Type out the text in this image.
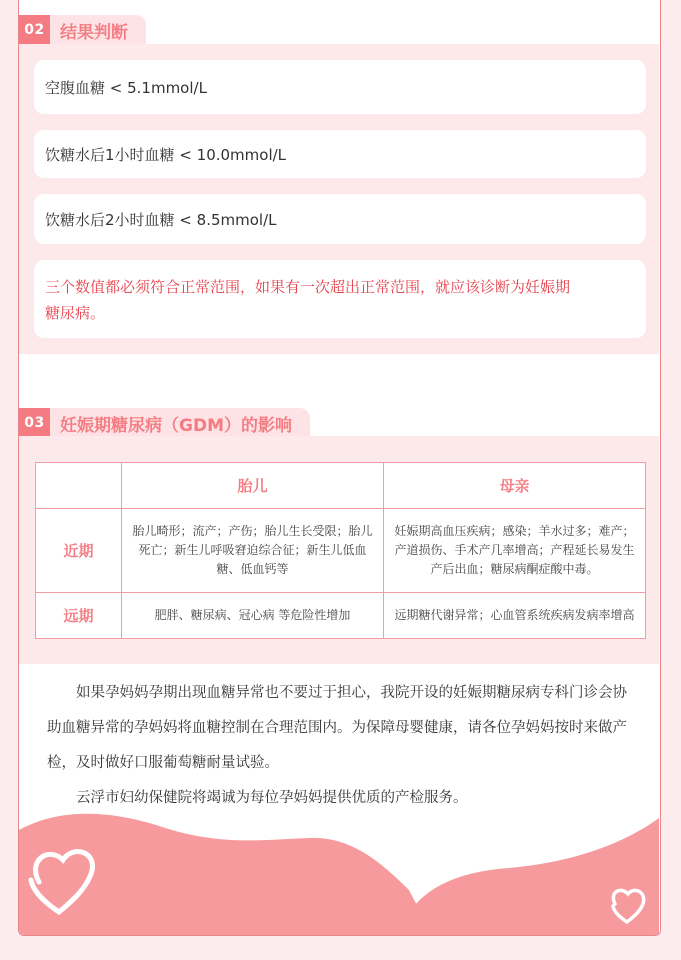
02 结果判断
空腹血糖 < 5.1mmol/L
饮糖水后1小时血糖 < 10.0mmol/L
饮糖水后2小时血糖 < 8.5mmol/L
三个数值都必须符合正常范围，如果有一次超出正常范围，就应该诊断为妊娠期
糖尿病。
03 妊娠期糖尿病（GDM）的影响
	胎儿	母亲
近期	胎儿畸形；流产；产伤；胎儿生长受限；胎儿死亡；新生儿呼吸窘迫综合征；新生儿低血糖、低血钙等	妊娠期高血压疾病；感染；羊水过多；难产；产道损伤、手术产几率增高；产程延长易发生产后出血；糖尿病酮症酸中毒。
远期	肥胖、糖尿病、冠心病 等危险性增加	远期糖代谢异常；心血管系统疾病发病率增高

如果孕妈妈孕期出现血糖异常也不要过于担心，我院开设的妊娠期糖尿病专科门诊会协助血糖异常的孕妈妈将血糖控制在合理范围内。为保障母婴健康，请各位孕妈妈按时来做产检，及时做好口服葡萄糖耐量试验。

云浮市妇幼保健院将竭诚为每位孕妈妈提供优质的产检服务。
